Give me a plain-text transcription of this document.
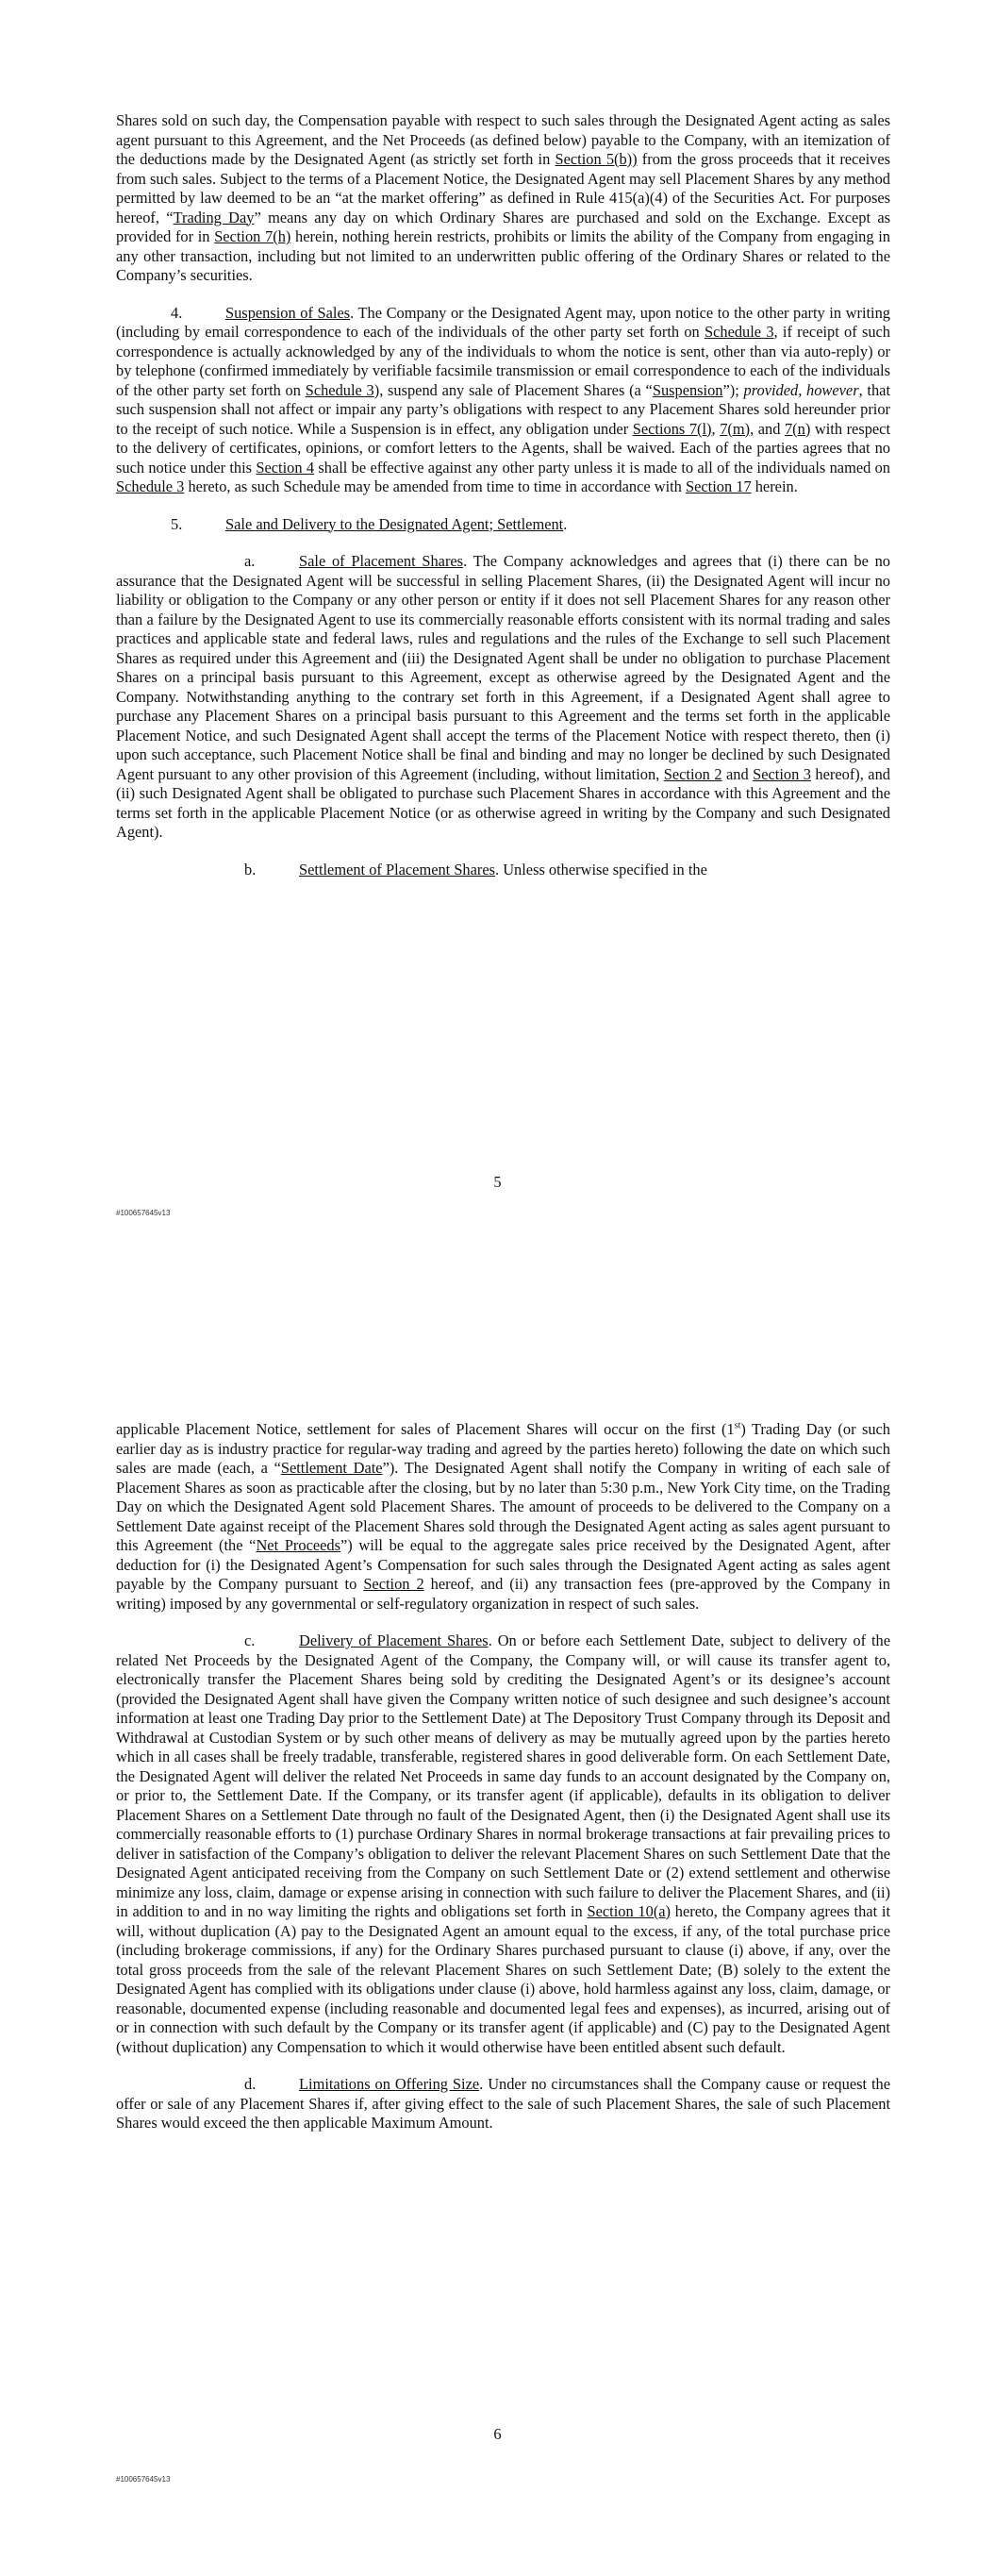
Shares sold on such day, the Compensation payable with respect to such sales through the Designated Agent acting as sales agent pursuant to this Agreement, and the Net Proceeds (as defined below) payable to the Company, with an itemization of the deductions made by the Designated Agent (as strictly set forth in Section 5(b)) from the gross proceeds that it receives from such sales. Subject to the terms of a Placement Notice, the Designated Agent may sell Placement Shares by any method permitted by law deemed to be an “at the market offering” as defined in Rule 415(a)(4) of the Securities Act. For purposes hereof, “Trading Day” means any day on which Ordinary Shares are purchased and sold on the Exchange. Except as provided for in Section 7(h) herein, nothing herein restricts, prohibits or limits the ability of the Company from engaging in any other transaction, including but not limited to an underwritten public offering of the Ordinary Shares or related to the Company’s securities.

4.	Suspension of Sales. The Company or the Designated Agent may, upon notice to the other party in writing (including by email correspondence to each of the individuals of the other party set forth on Schedule 3, if receipt of such correspondence is actually acknowledged by any of the individuals to whom the notice is sent, other than via auto-reply) or by telephone (confirmed immediately by verifiable facsimile transmission or email correspondence to each of the individuals of the other party set forth on Schedule 3), suspend any sale of Placement Shares (a “Suspension”); provided, however, that such suspension shall not affect or impair any party’s obligations with respect to any Placement Shares sold hereunder prior to the receipt of such notice. While a Suspension is in effect, any obligation under Sections 7(l), 7(m), and 7(n) with respect to the delivery of certificates, opinions, or comfort letters to the Agents, shall be waived. Each of the parties agrees that no such notice under this Section 4 shall be effective against any other party unless it is made to all of the individuals named on Schedule 3 hereto, as such Schedule may be amended from time to time in accordance with Section 17 herein.

5.	Sale and Delivery to the Designated Agent; Settlement.

a.	Sale of Placement Shares. The Company acknowledges and agrees that (i) there can be no assurance that the Designated Agent will be successful in selling Placement Shares, (ii) the Designated Agent will incur no liability or obligation to the Company or any other person or entity if it does not sell Placement Shares for any reason other than a failure by the Designated Agent to use its commercially reasonable efforts consistent with its normal trading and sales practices and applicable state and federal laws, rules and regulations and the rules of the Exchange to sell such Placement Shares as required under this Agreement and (iii) the Designated Agent shall be under no obligation to purchase Placement Shares on a principal basis pursuant to this Agreement, except as otherwise agreed by the Designated Agent and the Company. Notwithstanding anything to the contrary set forth in this Agreement, if a Designated Agent shall agree to purchase any Placement Shares on a principal basis pursuant to this Agreement and the terms set forth in the applicable Placement Notice, and such Designated Agent shall accept the terms of the Placement Notice with respect thereto, then (i) upon such acceptance, such Placement Notice shall be final and binding and may no longer be declined by such Designated Agent pursuant to any other provision of this Agreement (including, without limitation, Section 2 and Section 3 hereof), and (ii) such Designated Agent shall be obligated to purchase such Placement Shares in accordance with this Agreement and the terms set forth in the applicable Placement Notice (or as otherwise agreed in writing by the Company and such Designated Agent).

b.	Settlement of Placement Shares. Unless otherwise specified in the

5
#100657645v13

applicable Placement Notice, settlement for sales of Placement Shares will occur on the first (1st) Trading Day (or such earlier day as is industry practice for regular-way trading and agreed by the parties hereto) following the date on which such sales are made (each, a “Settlement Date”). The Designated Agent shall notify the Company in writing of each sale of Placement Shares as soon as practicable after the closing, but by no later than 5:30 p.m., New York City time, on the Trading Day on which the Designated Agent sold Placement Shares. The amount of proceeds to be delivered to the Company on a Settlement Date against receipt of the Placement Shares sold through the Designated Agent acting as sales agent pursuant to this Agreement (the “Net Proceeds”) will be equal to the aggregate sales price received by the Designated Agent, after deduction for (i) the Designated Agent’s Compensation for such sales through the Designated Agent acting as sales agent payable by the Company pursuant to Section 2 hereof, and (ii) any transaction fees (pre-approved by the Company in writing) imposed by any governmental or self-regulatory organization in respect of such sales.

c.	Delivery of Placement Shares. On or before each Settlement Date, subject to delivery of the related Net Proceeds by the Designated Agent of the Company, the Company will, or will cause its transfer agent to, electronically transfer the Placement Shares being sold by crediting the Designated Agent’s or its designee’s account (provided the Designated Agent shall have given the Company written notice of such designee and such designee’s account information at least one Trading Day prior to the Settlement Date) at The Depository Trust Company through its Deposit and Withdrawal at Custodian System or by such other means of delivery as may be mutually agreed upon by the parties hereto which in all cases shall be freely tradable, transferable, registered shares in good deliverable form. On each Settlement Date, the Designated Agent will deliver the related Net Proceeds in same day funds to an account designated by the Company on, or prior to, the Settlement Date. If the Company, or its transfer agent (if applicable), defaults in its obligation to deliver Placement Shares on a Settlement Date through no fault of the Designated Agent, then (i) the Designated Agent shall use its commercially reasonable efforts to (1) purchase Ordinary Shares in normal brokerage transactions at fair prevailing prices to deliver in satisfaction of the Company’s obligation to deliver the relevant Placement Shares on such Settlement Date that the Designated Agent anticipated receiving from the Company on such Settlement Date or (2) extend settlement and otherwise minimize any loss, claim, damage or expense arising in connection with such failure to deliver the Placement Shares, and (ii) in addition to and in no way limiting the rights and obligations set forth in Section 10(a) hereto, the Company agrees that it will, without duplication (A) pay to the Designated Agent an amount equal to the excess, if any, of the total purchase price (including brokerage commissions, if any) for the Ordinary Shares purchased pursuant to clause (i) above, if any, over the total gross proceeds from the sale of the relevant Placement Shares on such Settlement Date; (B) solely to the extent the Designated Agent has complied with its obligations under clause (i) above, hold harmless against any loss, claim, damage, or reasonable, documented expense (including reasonable and documented legal fees and expenses), as incurred, arising out of or in connection with such default by the Company or its transfer agent (if applicable) and (C) pay to the Designated Agent (without duplication) any Compensation to which it would otherwise have been entitled absent such default.

d.	Limitations on Offering Size. Under no circumstances shall the Company cause or request the offer or sale of any Placement Shares if, after giving effect to the sale of such Placement Shares, the sale of such Placement Shares would exceed the then applicable Maximum Amount.

6
#100657645v13
